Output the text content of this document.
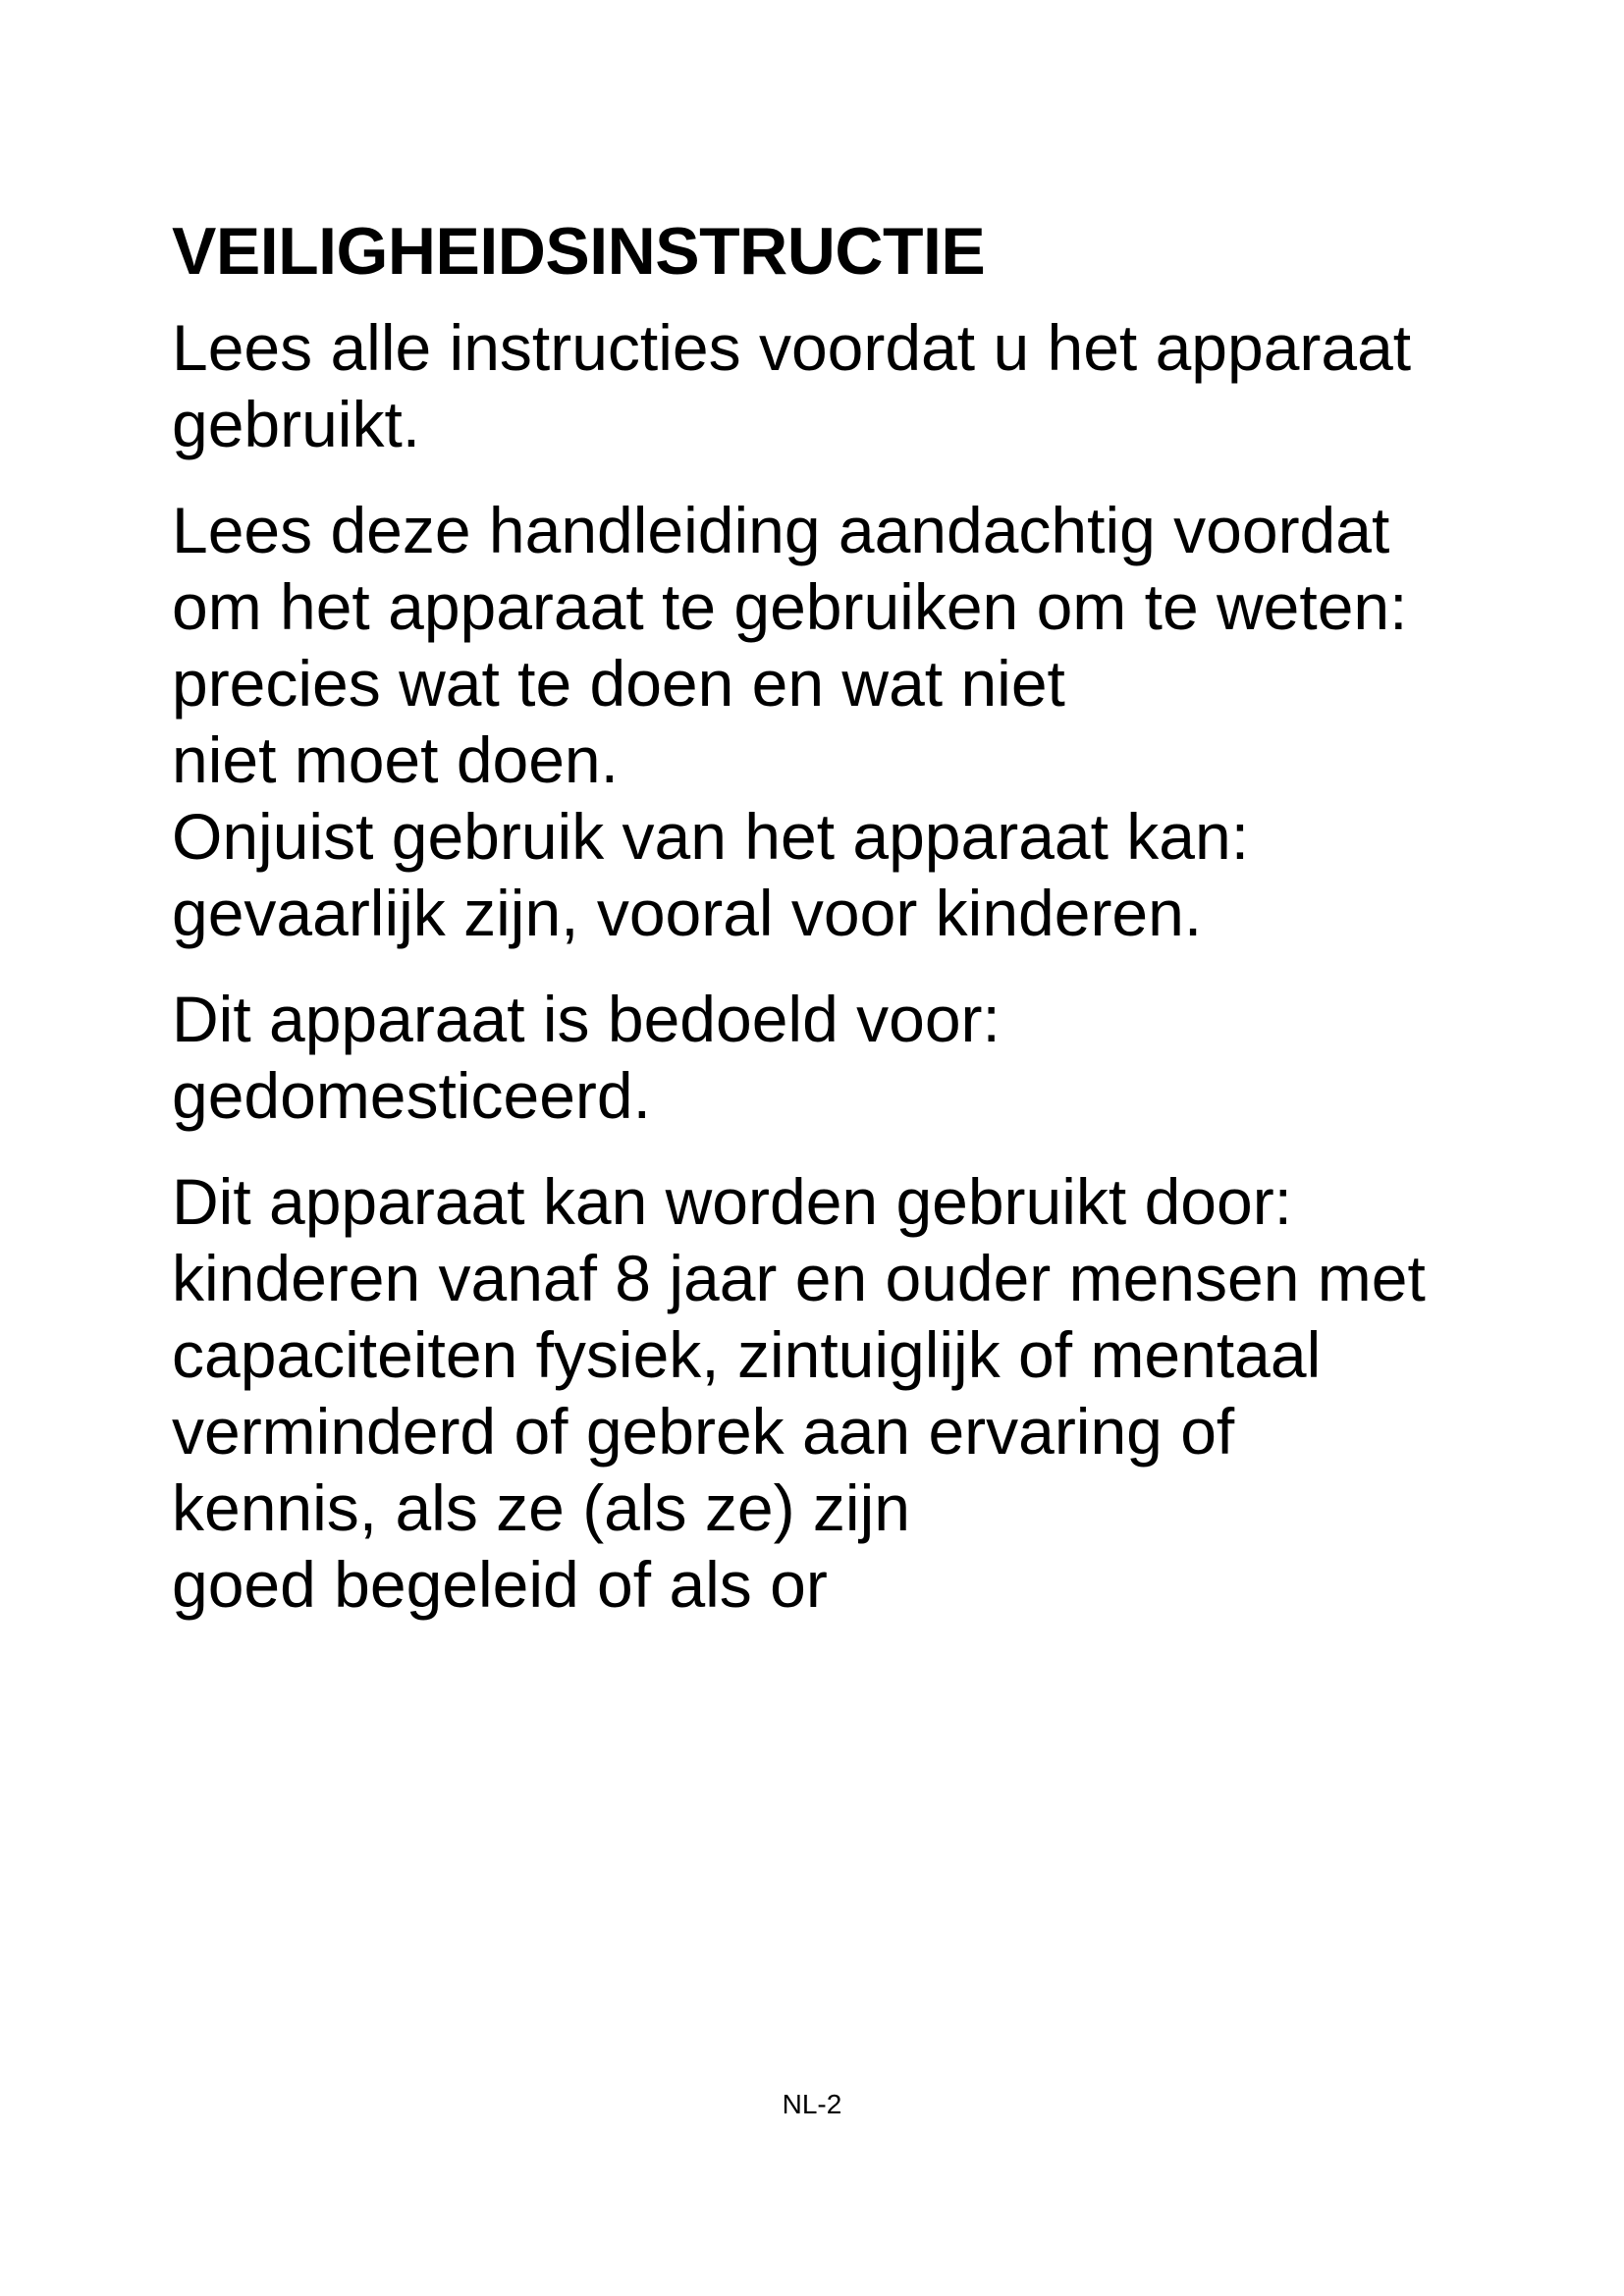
VEILIGHEIDSINSTRUCTIE
Lees alle instructies voordat u het apparaat
gebruikt.
Lees deze handleiding aandachtig voordat
om het apparaat te gebruiken om te weten:
precies wat te doen en wat niet
niet moet doen.
Onjuist gebruik van het apparaat kan:
gevaarlijk zijn, vooral voor kinderen.
Dit apparaat is bedoeld voor:
gedomesticeerd.
Dit apparaat kan worden gebruikt door:
kinderen vanaf 8 jaar en ouder mensen met
capaciteiten fysiek, zintuiglijk of mentaal
verminderd of gebrek aan ervaring of
kennis, als ze (als ze) zijn
goed begeleid of als or
NL-2
